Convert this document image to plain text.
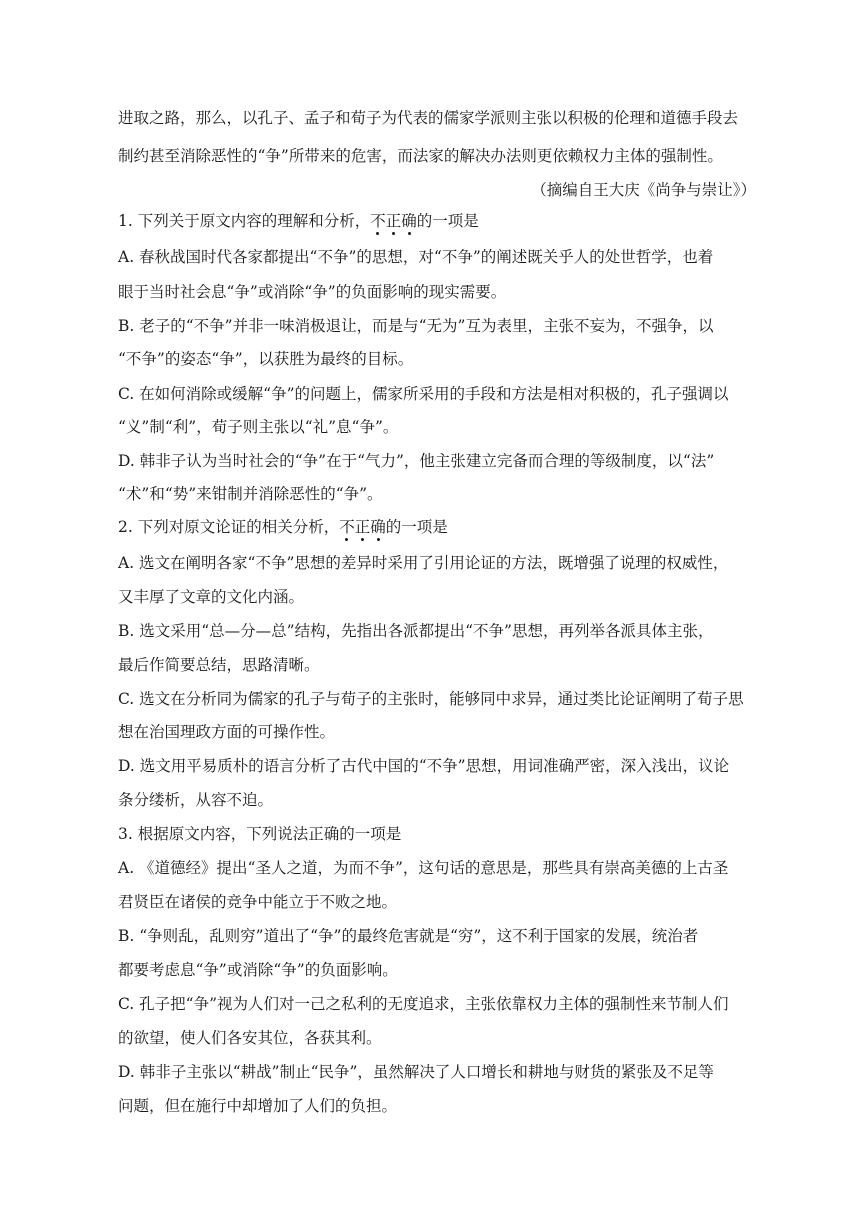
进取之路，那么，以孔子、孟子和荀子为代表的儒家学派则主张以积极的伦理和道德手段去
制约甚至消除恶性的“争”所带来的危害，而法家的解决办法则更依赖权力主体的强制性。
（摘编自王大庆《尚争与崇让》）
1. 下列关于原文内容的理解和分析，不正确的一项是
A. 春秋战国时代各家都提出“不争”的思想，对“不争”的阐述既关乎人的处世哲学，也着
眼于当时社会息“争”或消除“争”的负面影响的现实需要。
B. 老子的“不争”并非一味消极退让，而是与“无为”互为表里，主张不妄为，不强争，以
“不争”的姿态“争”，以获胜为最终的目标。
C. 在如何消除或缓解“争”的问题上，儒家所采用的手段和方法是相对积极的，孔子强调以
“义”制“利”，荀子则主张以“礼”息“争”。
D. 韩非子认为当时社会的“争”在于“气力”，他主张建立完备而合理的等级制度，以“法”
“术”和“势”来钳制并消除恶性的“争”。
2. 下列对原文论证的相关分析，不正确的一项是
A. 选文在阐明各家“不争”思想的差异时采用了引用论证的方法，既增强了说理的权威性，
又丰厚了文章的文化内涵。
B. 选文采用“总—分—总”结构，先指出各派都提出“不争”思想，再列举各派具体主张，
最后作简要总结，思路清晰。
C. 选文在分析同为儒家的孔子与荀子的主张时，能够同中求异，通过类比论证阐明了荀子思
想在治国理政方面的可操作性。
D. 选文用平易质朴的语言分析了古代中国的“不争”思想，用词准确严密，深入浅出，议论
条分缕析，从容不迫。
3. 根据原文内容，下列说法正确的一项是
A. 《道德经》提出“圣人之道，为而不争”，这句话的意思是，那些具有崇高美德的上古圣
君贤臣在诸侯的竞争中能立于不败之地。
B. “争则乱，乱则穷”道出了“争”的最终危害就是“穷”，这不利于国家的发展，统治者
都要考虑息“争”或消除“争”的负面影响。
C. 孔子把“争”视为人们对一己之私利的无度追求，主张依靠权力主体的强制性来节制人们
的欲望，使人们各安其位，各获其利。
D. 韩非子主张以“耕战”制止“民争”，虽然解决了人口增长和耕地与财货的紧张及不足等
问题，但在施行中却增加了人们的负担。
